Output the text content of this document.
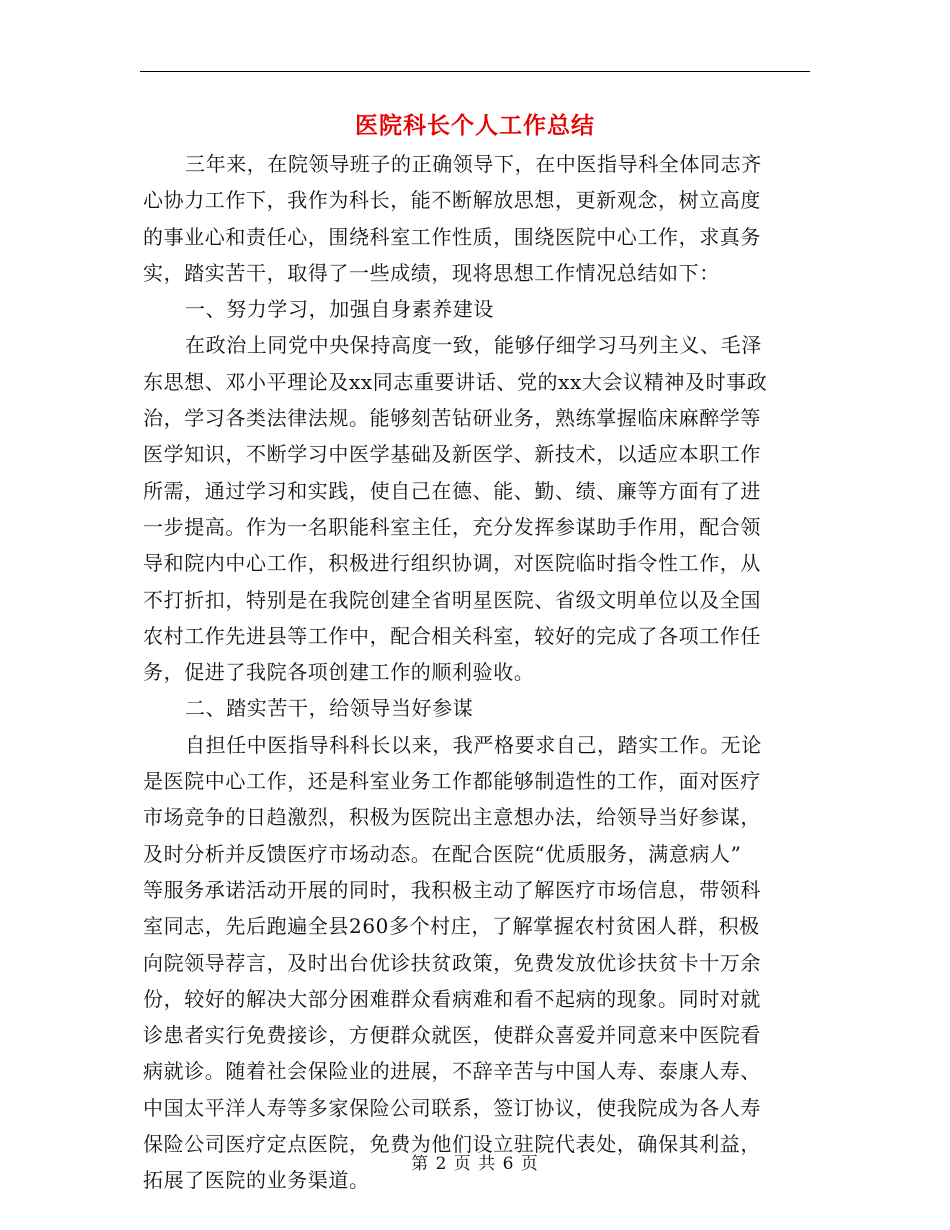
医院科长个人工作总结
三年来，在院领导班子的正确领导下，在中医指导科全体同志齐
心协力工作下，我作为科长，能不断解放思想，更新观念，树立高度
的事业心和责任心，围绕科室工作性质，围绕医院中心工作，求真务
实，踏实苦干，取得了一些成绩，现将思想工作情况总结如下：
一、努力学习，加强自身素养建设
在政治上同党中央保持高度一致，能够仔细学习马列主义、毛泽
东思想、邓小平理论及xx同志重要讲话、党的xx大会议精神及时事政
治，学习各类法律法规。能够刻苦钻研业务，熟练掌握临床麻醉学等
医学知识，不断学习中医学基础及新医学、新技术，以适应本职工作
所需，通过学习和实践，使自己在德、能、勤、绩、廉等方面有了进
一步提高。作为一名职能科室主任，充分发挥参谋助手作用，配合领
导和院内中心工作，积极进行组织协调，对医院临时指令性工作，从
不打折扣，特别是在我院创建全省明星医院、省级文明单位以及全国
农村工作先进县等工作中，配合相关科室，较好的完成了各项工作任
务，促进了我院各项创建工作的顺利验收。
二、踏实苦干，给领导当好参谋
自担任中医指导科科长以来，我严格要求自己，踏实工作。无论
是医院中心工作，还是科室业务工作都能够制造性的工作，面对医疗
市场竞争的日趋激烈，积极为医院出主意想办法，给领导当好参谋，
及时分析并反馈医疗市场动态。在配合医院“优质服务，满意病人”
等服务承诺活动开展的同时，我积极主动了解医疗市场信息，带领科
室同志，先后跑遍全县260多个村庄，了解掌握农村贫困人群，积极
向院领导荐言，及时出台优诊扶贫政策，免费发放优诊扶贫卡十万余
份，较好的解决大部分困难群众看病难和看不起病的现象。同时对就
诊患者实行免费接诊，方便群众就医，使群众喜爱并同意来中医院看
病就诊。随着社会保险业的进展，不辞辛苦与中国人寿、泰康人寿、
中国太平洋人寿等多家保险公司联系，签订协议，使我院成为各人寿
保险公司医疗定点医院，免费为他们设立驻院代表处，确保其利益，
拓展了医院的业务渠道。
第 2 页 共 6 页
